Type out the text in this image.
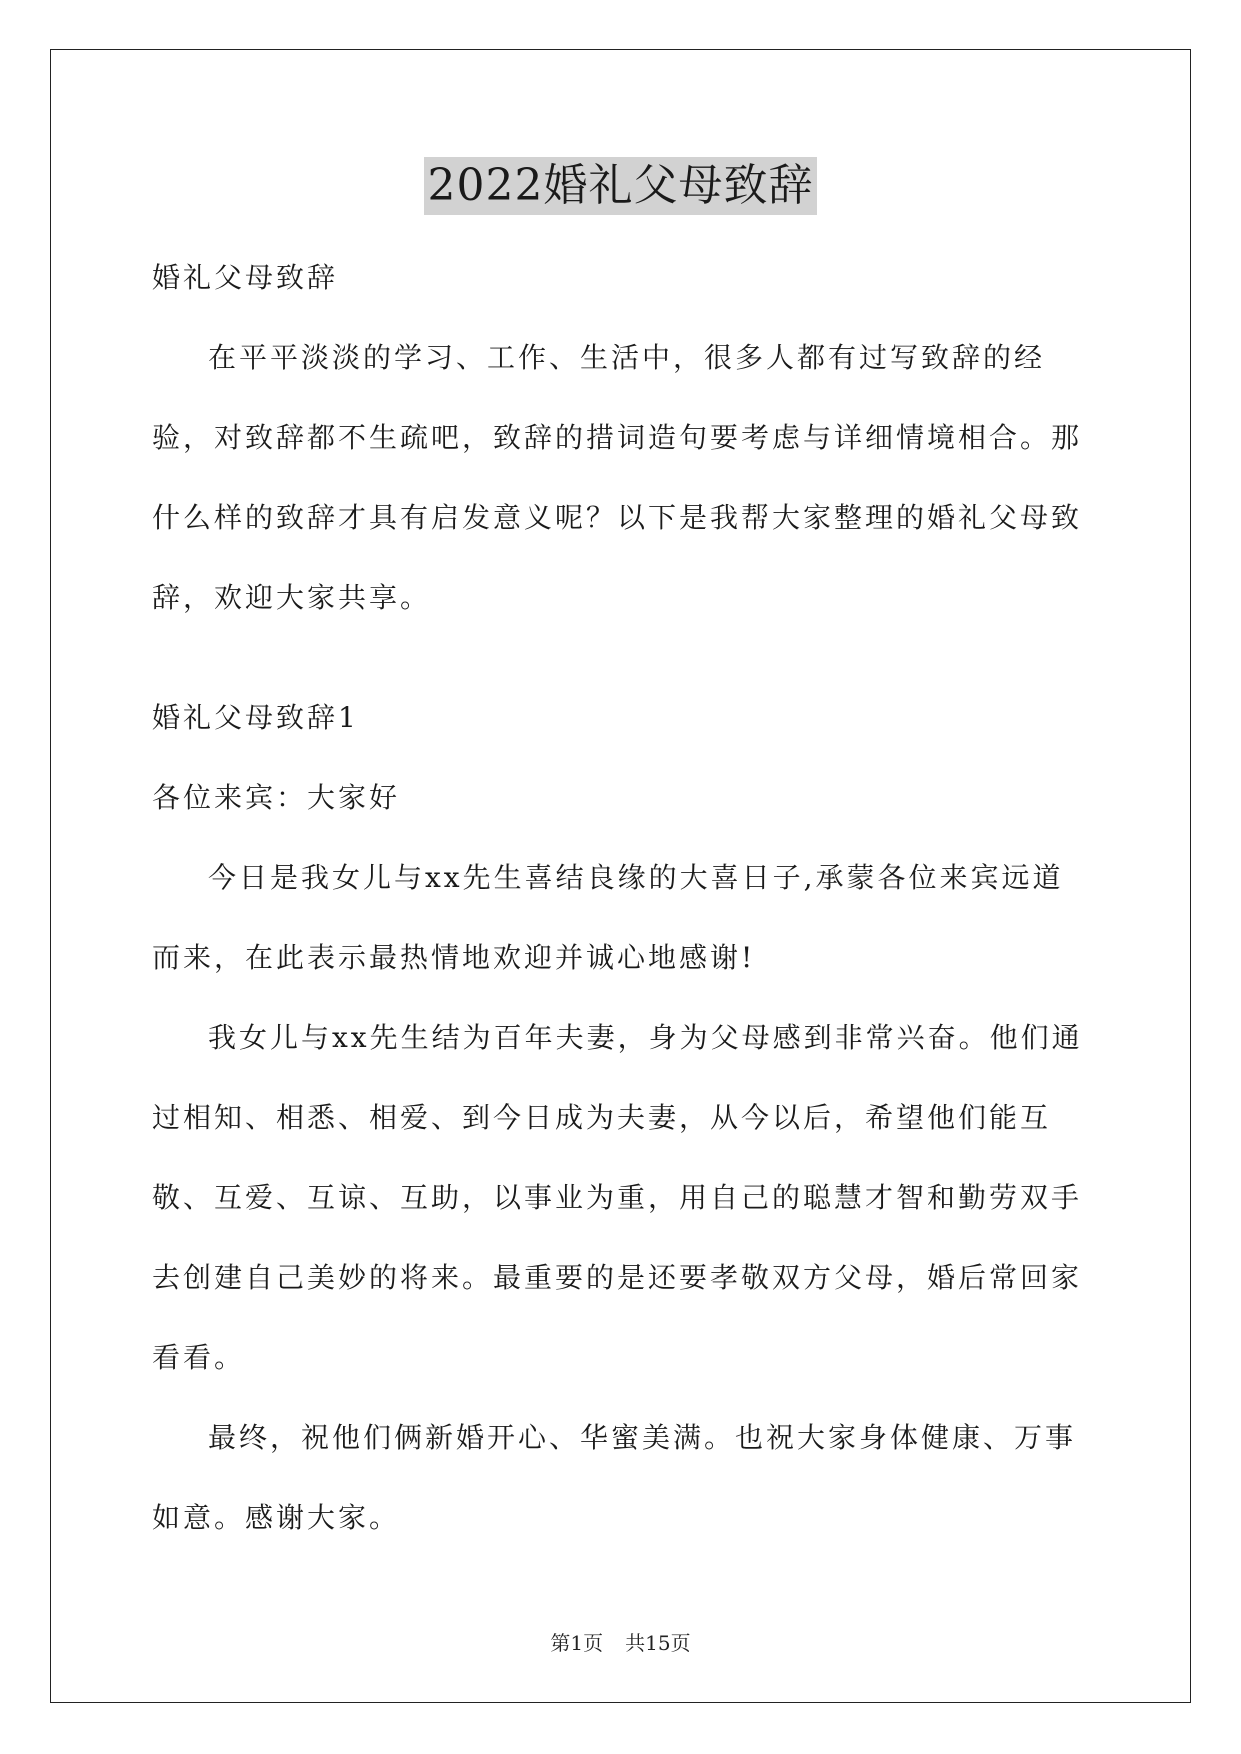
2022婚礼父母致辞

婚礼父母致辞

在平平淡淡的学习、工作、生活中，很多人都有过写致辞的经验，对致辞都不生疏吧，致辞的措词造句要考虑与详细情境相合。那什么样的致辞才具有启发意义呢？以下是我帮大家整理的婚礼父母致辞，欢迎大家共享。

婚礼父母致辞1

各位来宾：大家好

今日是我女儿与xx先生喜结良缘的大喜日子,承蒙各位来宾远道而来，在此表示最热情地欢迎并诚心地感谢!

我女儿与xx先生结为百年夫妻，身为父母感到非常兴奋。他们通过相知、相悉、相爱、到今日成为夫妻，从今以后，希望他们能互敬、互爱、互谅、互助，以事业为重，用自己的聪慧才智和勤劳双手去创建自己美妙的将来。最重要的是还要孝敬双方父母，婚后常回家看看。

最终，祝他们俩新婚开心、华蜜美满。也祝大家身体健康、万事如意。感谢大家。

第1页 共15页
